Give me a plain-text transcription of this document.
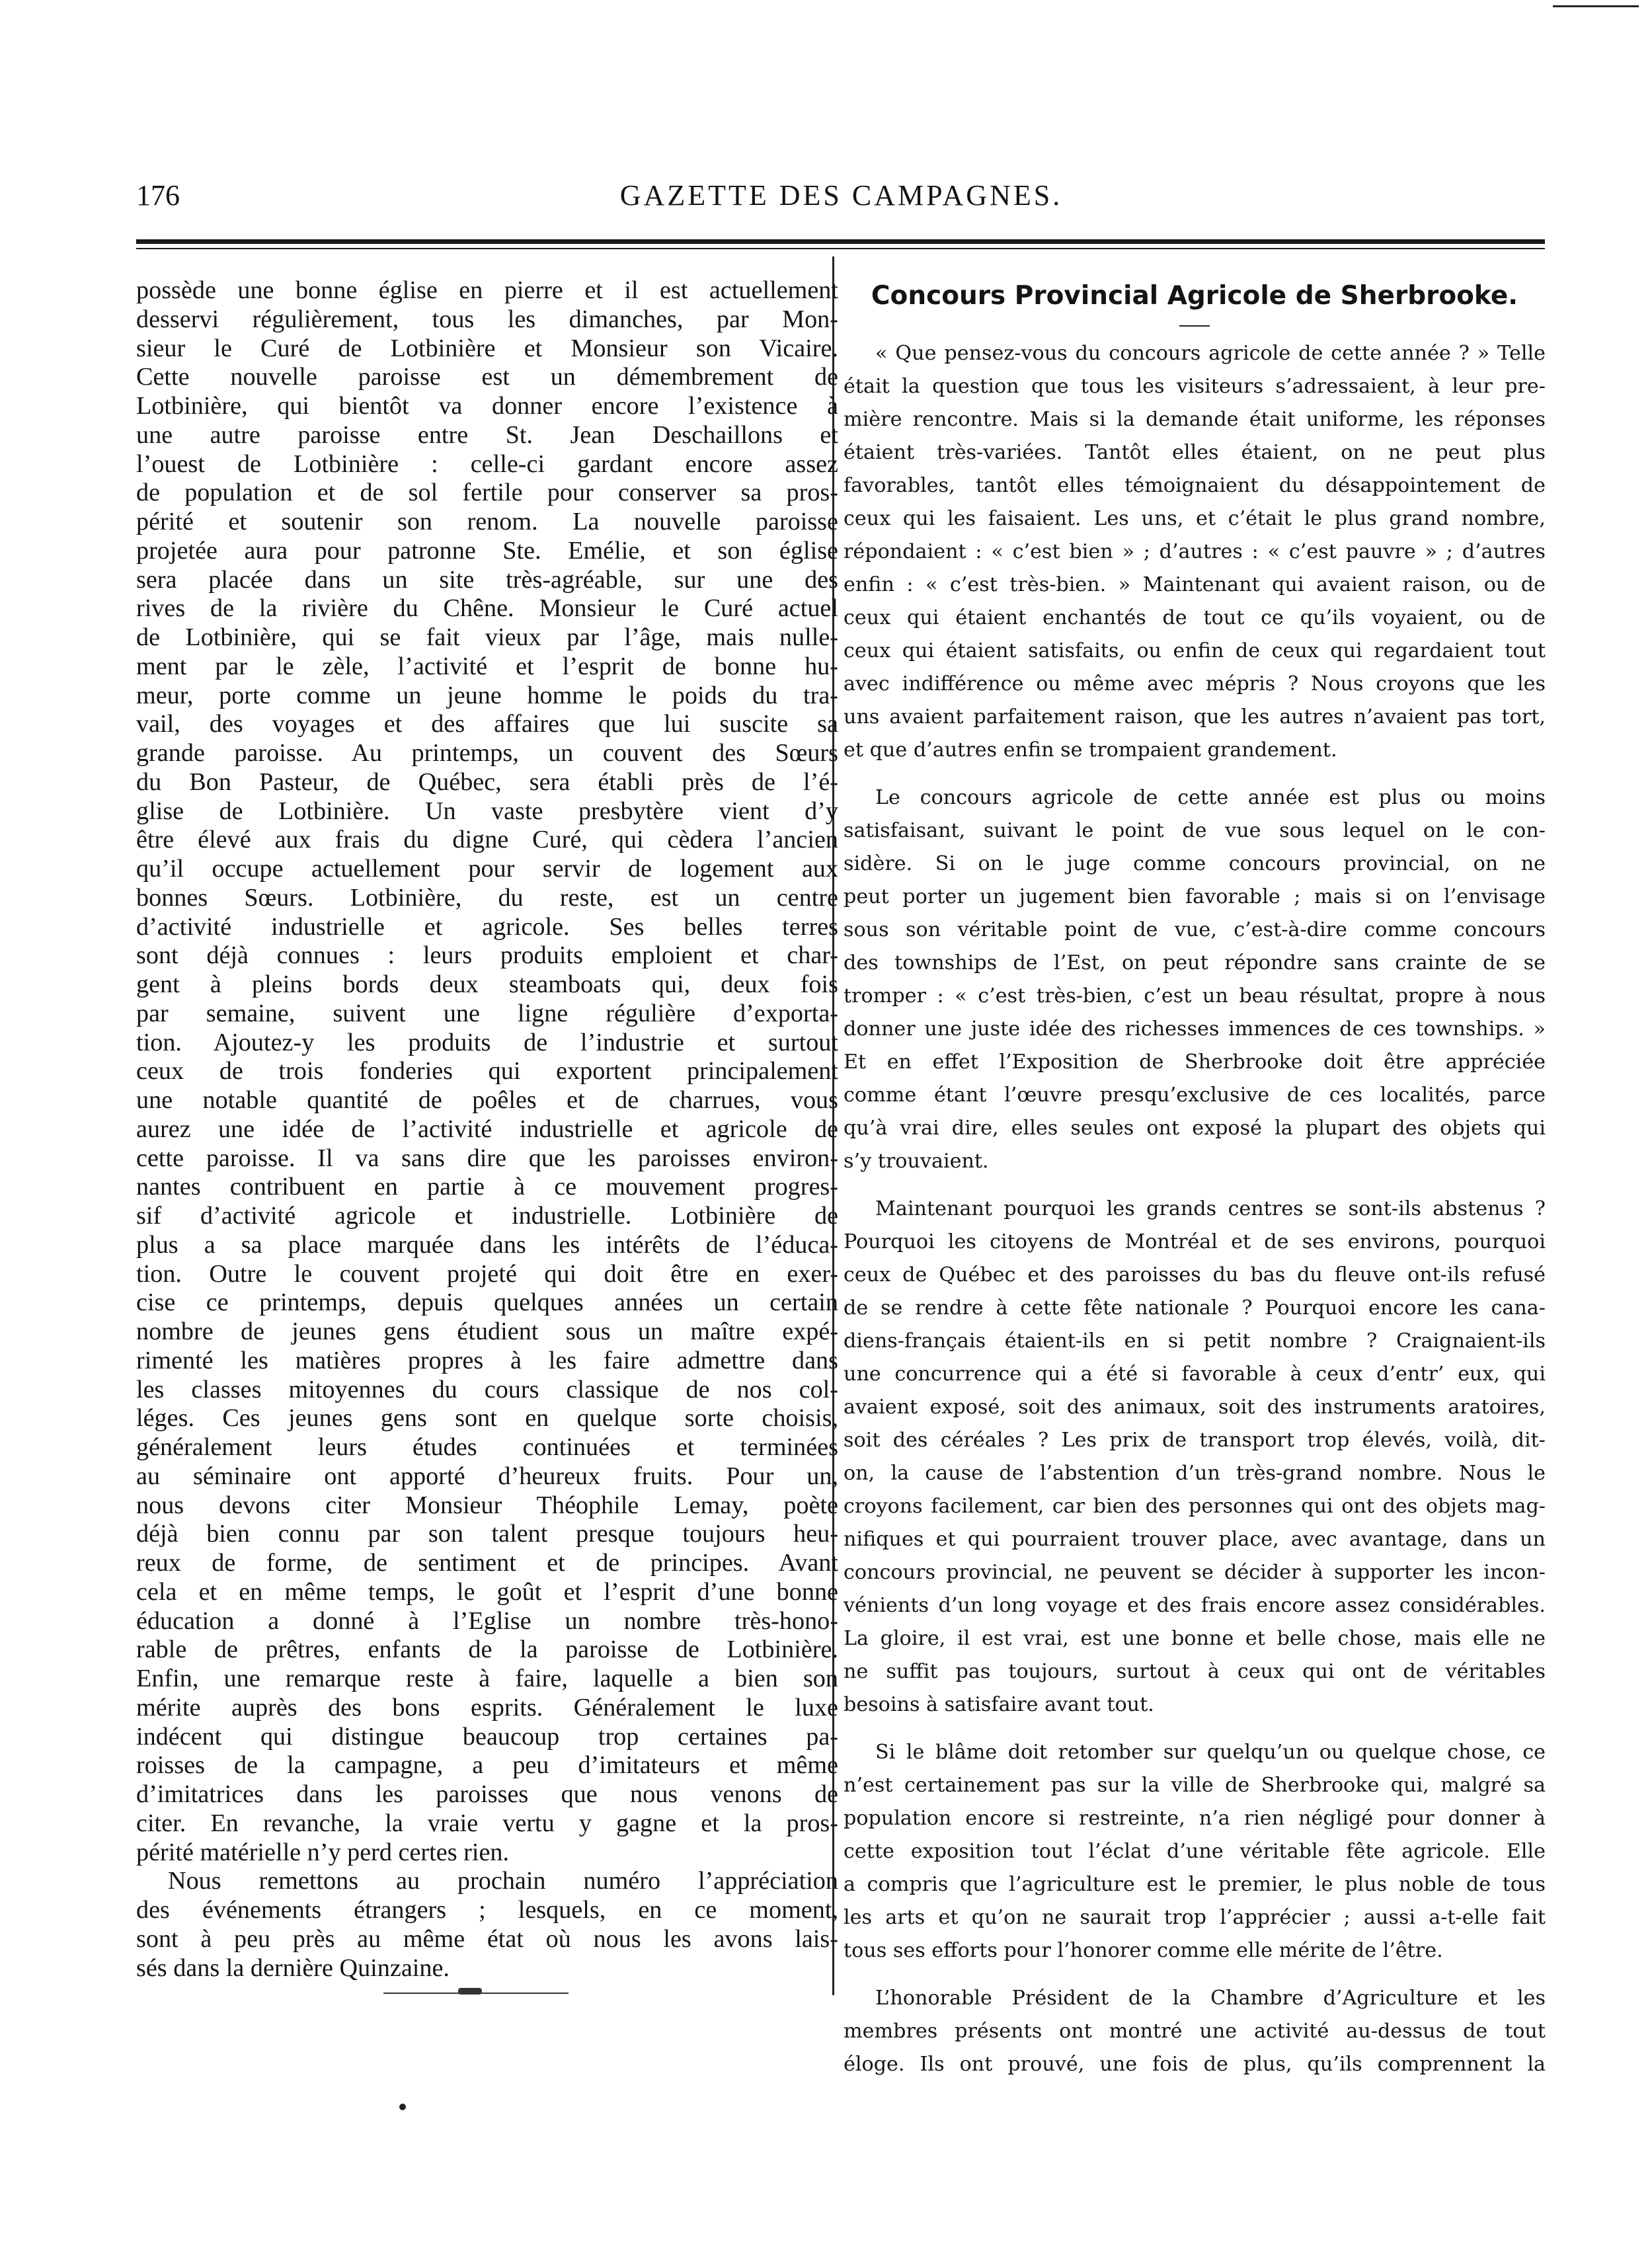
176	GAZETTE DES CAMPAGNES.
possède une bonne église en pierre et il est actuellement
desservi régulièrement, tous les dimanches, par Mon-
sieur le Curé de Lotbinière et Monsieur son Vicaire.
Cette nouvelle paroisse est un démembrement de
Lotbinière, qui bientôt va donner encore l’existence à
une autre paroisse entre St. Jean Deschaillons et
l’ouest de Lotbinière : celle-ci gardant encore assez
de population et de sol fertile pour conserver sa pros-
périté et soutenir son renom. La nouvelle paroisse
projetée aura pour patronne Ste. Emélie, et son église
sera placée dans un site très-agréable, sur une des
rives de la rivière du Chêne. Monsieur le Curé actuel
de Lotbinière, qui se fait vieux par l’âge, mais nulle-
ment par le zèle, l’activité et l’esprit de bonne hu-
meur, porte comme un jeune homme le poids du tra-
vail, des voyages et des affaires que lui suscite sa
grande paroisse. Au printemps, un couvent des Sœurs
du Bon Pasteur, de Québec, sera établi près de l’é-
glise de Lotbinière. Un vaste presbytère vient d’y
être élevé aux frais du digne Curé, qui cèdera l’ancien
qu’il occupe actuellement pour servir de logement aux
bonnes Sœurs. Lotbinière, du reste, est un centre
d’activité industrielle et agricole. Ses belles terres
sont déjà connues : leurs produits emploient et char-
gent à pleins bords deux steamboats qui, deux fois
par semaine, suivent une ligne régulière d’exporta-
tion. Ajoutez-y les produits de l’industrie et surtout
ceux de trois fonderies qui exportent principalement
une notable quantité de poêles et de charrues, vous
aurez une idée de l’activité industrielle et agricole de
cette paroisse. Il va sans dire que les paroisses environ-
nantes contribuent en partie à ce mouvement progres-
sif d’activité agricole et industrielle. Lotbinière de
plus a sa place marquée dans les intérêts de l’éduca-
tion. Outre le couvent projeté qui doit être en exer-
cise ce printemps, depuis quelques années un certain
nombre de jeunes gens étudient sous un maître expé-
rimenté les matières propres à les faire admettre dans
les classes mitoyennes du cours classique de nos col-
léges. Ces jeunes gens sont en quelque sorte choisis,
généralement leurs études continuées et terminées
au séminaire ont apporté d’heureux fruits. Pour un,
nous devons citer Monsieur Théophile Lemay, poète
déjà bien connu par son talent presque toujours heu-
reux de forme, de sentiment et de principes. Avant
cela et en même temps, le goût et l’esprit d’une bonne
éducation a donné à l’Eglise un nombre très-hono-
rable de prêtres, enfants de la paroisse de Lotbinière.
Enfin, une remarque reste à faire, laquelle a bien son
mérite auprès des bons esprits. Généralement le luxe
indécent qui distingue beaucoup trop certaines pa-
roisses de la campagne, a peu d’imitateurs et même
d’imitatrices dans les paroisses que nous venons de
citer. En revanche, la vraie vertu y gagne et la pros-
périté matérielle n’y perd certes rien.
Nous remettons au prochain numéro l’appréciation
des événements étrangers ; lesquels, en ce moment,
sont à peu près au même état où nous les avons lais-
sés dans la dernière Quinzaine.
Concours Provincial Agricole de Sherbrooke.
« Que pensez-vous du concours agricole de cette année ? » Telle
était la question que tous les visiteurs s’adressaient, à leur pre-
mière rencontre. Mais si la demande était uniforme, les réponses
étaient très-variées. Tantôt elles étaient, on ne peut plus
favorables, tantôt elles témoignaient du désappointement de
ceux qui les faisaient. Les uns, et c’était le plus grand nombre,
répondaient : « c’est bien » ; d’autres : « c’est pauvre » ; d’autres
enfin : « c’est très-bien. » Maintenant qui avaient raison, ou de
ceux qui étaient enchantés de tout ce qu’ils voyaient, ou de
ceux qui étaient satisfaits, ou enfin de ceux qui regardaient tout
avec indifférence ou même avec mépris ? Nous croyons que les
uns avaient parfaitement raison, que les autres n’avaient pas tort,
et que d’autres enfin se trompaient grandement.
Le concours agricole de cette année est plus ou moins
satisfaisant, suivant le point de vue sous lequel on le con-
sidère. Si on le juge comme concours provincial, on ne
peut porter un jugement bien favorable ; mais si on l’envisage
sous son véritable point de vue, c’est-à-dire comme concours
des townships de l’Est, on peut répondre sans crainte de se
tromper : « c’est très-bien, c’est un beau résultat, propre à nous
donner une juste idée des richesses immences de ces townships. »
Et en effet l’Exposition de Sherbrooke doit être appréciée
comme étant l’œuvre presqu’exclusive de ces localités, parce
qu’à vrai dire, elles seules ont exposé la plupart des objets qui
s’y trouvaient.
Maintenant pourquoi les grands centres se sont-ils abstenus ?
Pourquoi les citoyens de Montréal et de ses environs, pourquoi
ceux de Québec et des paroisses du bas du fleuve ont-ils refusé
de se rendre à cette fête nationale ? Pourquoi encore les cana-
diens-français étaient-ils en si petit nombre ? Craignaient-ils
une concurrence qui a été si favorable à ceux d’entr’ eux, qui
avaient exposé, soit des animaux, soit des instruments aratoires,
soit des céréales ? Les prix de transport trop élevés, voilà, dit-
on, la cause de l’abstention d’un très-grand nombre. Nous le
croyons facilement, car bien des personnes qui ont des objets mag-
nifiques et qui pourraient trouver place, avec avantage, dans un
concours provincial, ne peuvent se décider à supporter les incon-
vénients d’un long voyage et des frais encore assez considérables.
La gloire, il est vrai, est une bonne et belle chose, mais elle ne
ne suffit pas toujours, surtout à ceux qui ont de véritables
besoins à satisfaire avant tout.
Si le blâme doit retomber sur quelqu’un ou quelque chose, ce
n’est certainement pas sur la ville de Sherbrooke qui, malgré sa
population encore si restreinte, n’a rien négligé pour donner à
cette exposition tout l’éclat d’une véritable fête agricole. Elle
a compris que l’agriculture est le premier, le plus noble de tous
les arts et qu’on ne saurait trop l’apprécier ; aussi a-t-elle fait
tous ses efforts pour l’honorer comme elle mérite de l’être.
L’honorable Président de la Chambre d’Agriculture et les
membres présents ont montré une activité au-dessus de tout
éloge. Ils ont prouvé, une fois de plus, qu’ils comprennent la
